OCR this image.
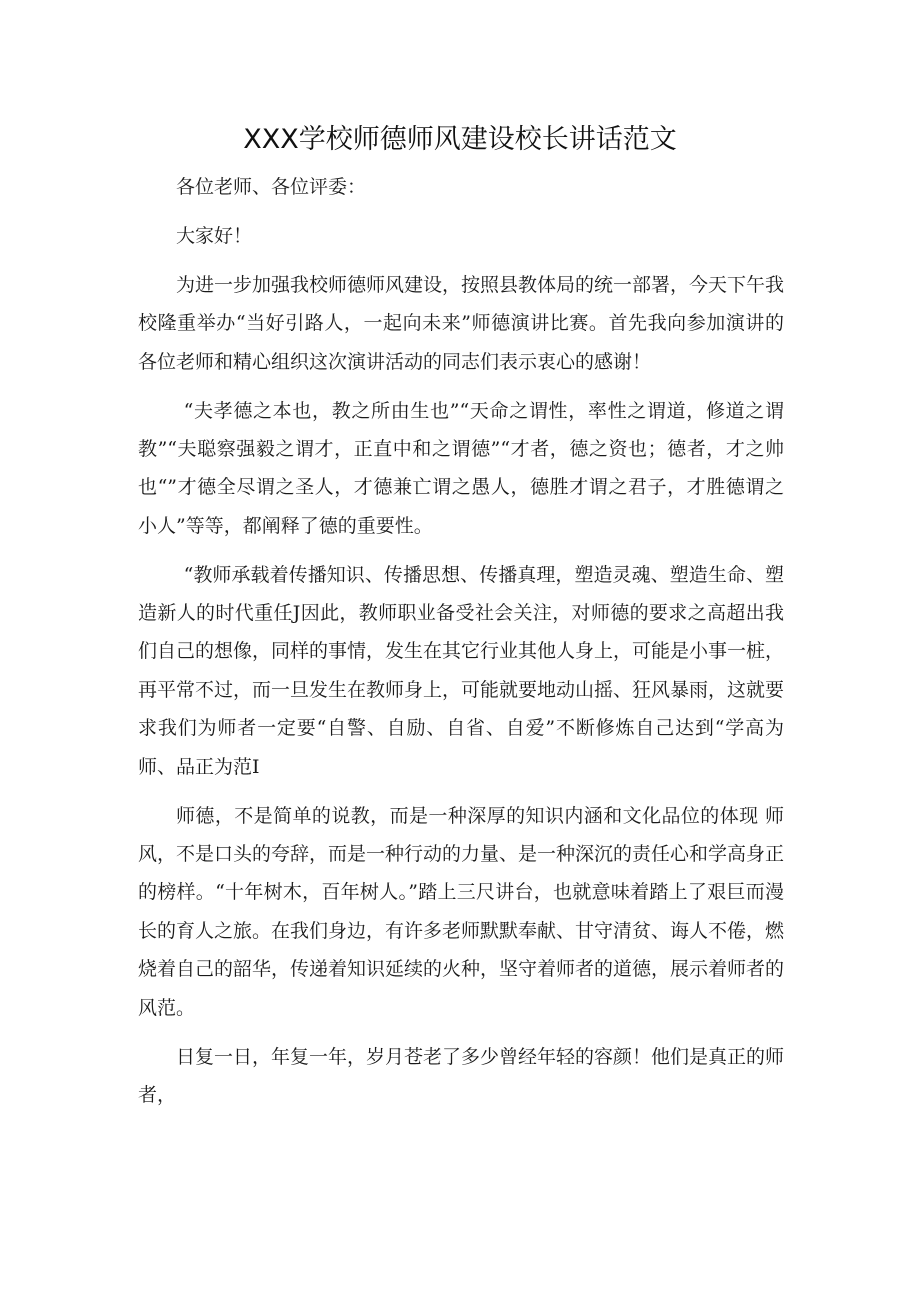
XXX学校师德师风建设校长讲话范文

各位老师、各位评委：

大家好！

为进一步加强我校师德师风建设，按照县教体局的统一部署，今天下午我校隆重举办“当好引路人，一起向未来”师德演讲比赛。首先我向参加演讲的各位老师和精心组织这次演讲活动的同志们表示衷心的感谢！

“夫孝德之本也，教之所由生也”“天命之谓性，率性之谓道，修道之谓教”“夫聪察强毅之谓才，正直中和之谓德”“才者，德之资也；德者，才之帅也“”才德全尽谓之圣人，才德兼亡谓之愚人，德胜才谓之君子，才胜德谓之小人”等等，都阐释了德的重要性。

“教师承载着传播知识、传播思想、传播真理，塑造灵魂、塑造生命、塑造新人的时代重任J因此，教师职业备受社会关注，对师德的要求之高超出我们自己的想像，同样的事情，发生在其它行业其他人身上，可能是小事一桩，再平常不过，而一旦发生在教师身上，可能就要地动山摇、狂风暴雨，这就要求我们为师者一定要“自警、自励、自省、自爱”不断修炼自己达到“学高为师、品正为范I

师德，不是简单的说教，而是一种深厚的知识内涵和文化品位的体现 师风，不是口头的夸辞，而是一种行动的力量、是一种深沉的责任心和学高身正的榜样。“十年树木，百年树人。”踏上三尺讲台，也就意味着踏上了艰巨而漫长的育人之旅。在我们身边，有许多老师默默奉献、甘守清贫、诲人不倦，燃烧着自己的韶华，传递着知识延续的火种，坚守着师者的道德，展示着师者的风范。

日复一日，年复一年，岁月苍老了多少曾经年轻的容颜！他们是真正的师者，
